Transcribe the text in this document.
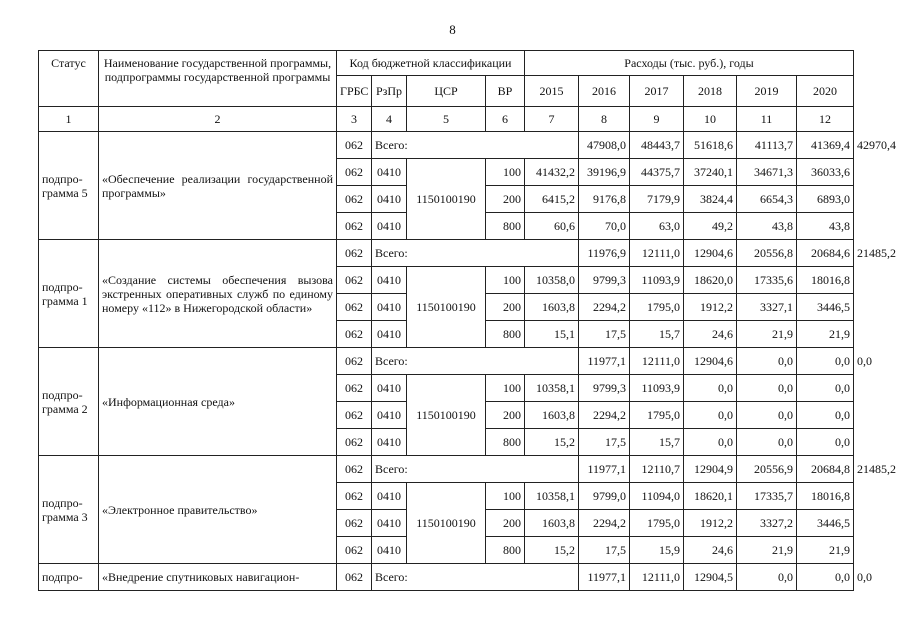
8
Статус	Наименование государственной программы, подпрограммы государственной программы	Код бюджетной классификации				Расходы (тыс. руб.), годы						
		ГРБС	РзПр	ЦСР	ВР	2015	2016	2017	2018	2019	2020	
1	2	3	4	5	6	7	8	9	10	11	12	
подпро-
грамма 5	«Обеспечение реализации государственной программы»	062	Всего:				47908,0	48443,7	51618,6	41113,7	41369,4	42970,4
		062	0410	1150100190	100	41432,2	39196,9	44375,7	37240,1	34671,3	36033,6	
		062	0410		200	6415,2	9176,8	7179,9	3824,4	6654,3	6893,0	
		062	0410		800	60,6	70,0	63,0	49,2	43,8	43,8	
подпро-
грамма 1	«Создание системы обеспечения вызова экстренных оперативных служб по единому номеру «112» в Нижегородской области»	062	Всего:				11976,9	12111,0	12904,6	20556,8	20684,6	21485,2
		062	0410	1150100190	100	10358,0	9799,3	11093,9	18620,0	17335,6	18016,8	
		062	0410		200	1603,8	2294,2	1795,0	1912,2	3327,1	3446,5	
		062	0410		800	15,1	17,5	15,7	24,6	21,9	21,9	
подпро-
грамма 2	«Информационная среда»	062	Всего:				11977,1	12111,0	12904,6	0,0	0,0	0,0
		062	0410	1150100190	100	10358,1	9799,3	11093,9	0,0	0,0	0,0	
		062	0410		200	1603,8	2294,2	1795,0	0,0	0,0	0,0	
		062	0410		800	15,2	17,5	15,7	0,0	0,0	0,0	
подпро-
грамма 3	«Электронное правительство»	062	Всего:				11977,1	12110,7	12904,9	20556,9	20684,8	21485,2
		062	0410	1150100190	100	10358,1	9799,0	11094,0	18620,1	17335,7	18016,8	
		062	0410		200	1603,8	2294,2	1795,0	1912,2	3327,2	3446,5	
		062	0410		800	15,2	17,5	15,9	24,6	21,9	21,9	
подпро-	«Внедрение спутниковых навигацион-	062	Всего:				11977,1	12111,0	12904,5	0,0	0,0	0,0
